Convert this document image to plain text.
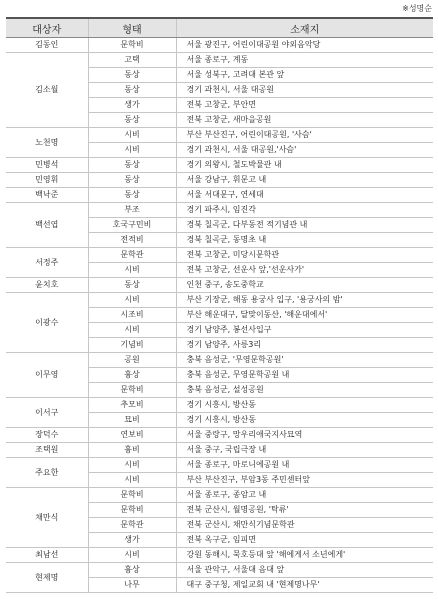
※성명순
대상자	형태	소재지
김동인	문학비	서울 광진구, 어린이대공원 야외음악당
김소월	고택	서울 종로구, 계동
	동상	서울 성북구, 고려대 본관 앞
	동상	경기 과천시, 서울 대공원
	생가	전북 고창군, 부안면
	동상	전북 고창군, 새마을공원
노천명	시비	부산 부산진구, 어린이대공원, '사슴'
	시비	경기 과천시, 서울 대공원,'사슴'
민병석	동상	경기 의왕시, 철도박물관 내
민영휘	동상	서울 강남구, 휘문고 내
백낙준	동상	서울 서대문구, 연세대
백선엽	부조	경기 파주시, 임진각
	호국구민비	경북 칠곡군, 다부동전 적기념관 내
	전적비	경북 칠곡군, 동명초 내
서정주	문학관	전북 고창군, 미당시문학관
	시비	전북 고창군, 선운사 앞,'선운사가'
윤치호	동상	인천 중구, 송도중학교
이광수	시비	부산 기장군, 해동 용궁사 입구, '용궁사의 밤'
	시조비	부산 해운대구, 달맞이동산, '해운대에서'
	시비	경기 남양주, 봉선사입구
	기념비	경기 남양주, 사릉3리
이무영	공원	충북 음성군, '무영문학공원'
	흉상	충북 음성군, 무영문학공원 내
	문학비	충북 음성군, 설성공원
이서구	추모비	경기 시흥시, 방산동
	묘비	경기 시흥시, 방산동
장덕수	연보비	서울 중랑구, 망우리애국지사묘역
조택원	흉비	서울 중구, 국립극장 내
주요한	시비	서울 종로구, 마로니에공원 내
	시비	부산 부산진구, 부암3동 주민센터앞
채만식	문학비	서울 종로구, 종암고 내
	문학비	전북 군산시, 월명공원, '탁류'
	문학관	전북 군산시, 채만식기념문학관
	생가	전북 옥구군, 임피면
최남선	시비	강원 동해시, 묵호등대 앞 '해에게서 소년에게'
현제명	흉상	서울 관악구, 서울대 음대 앞
	나무	대구 중구청, 제일교회 내 '현제명나무'
